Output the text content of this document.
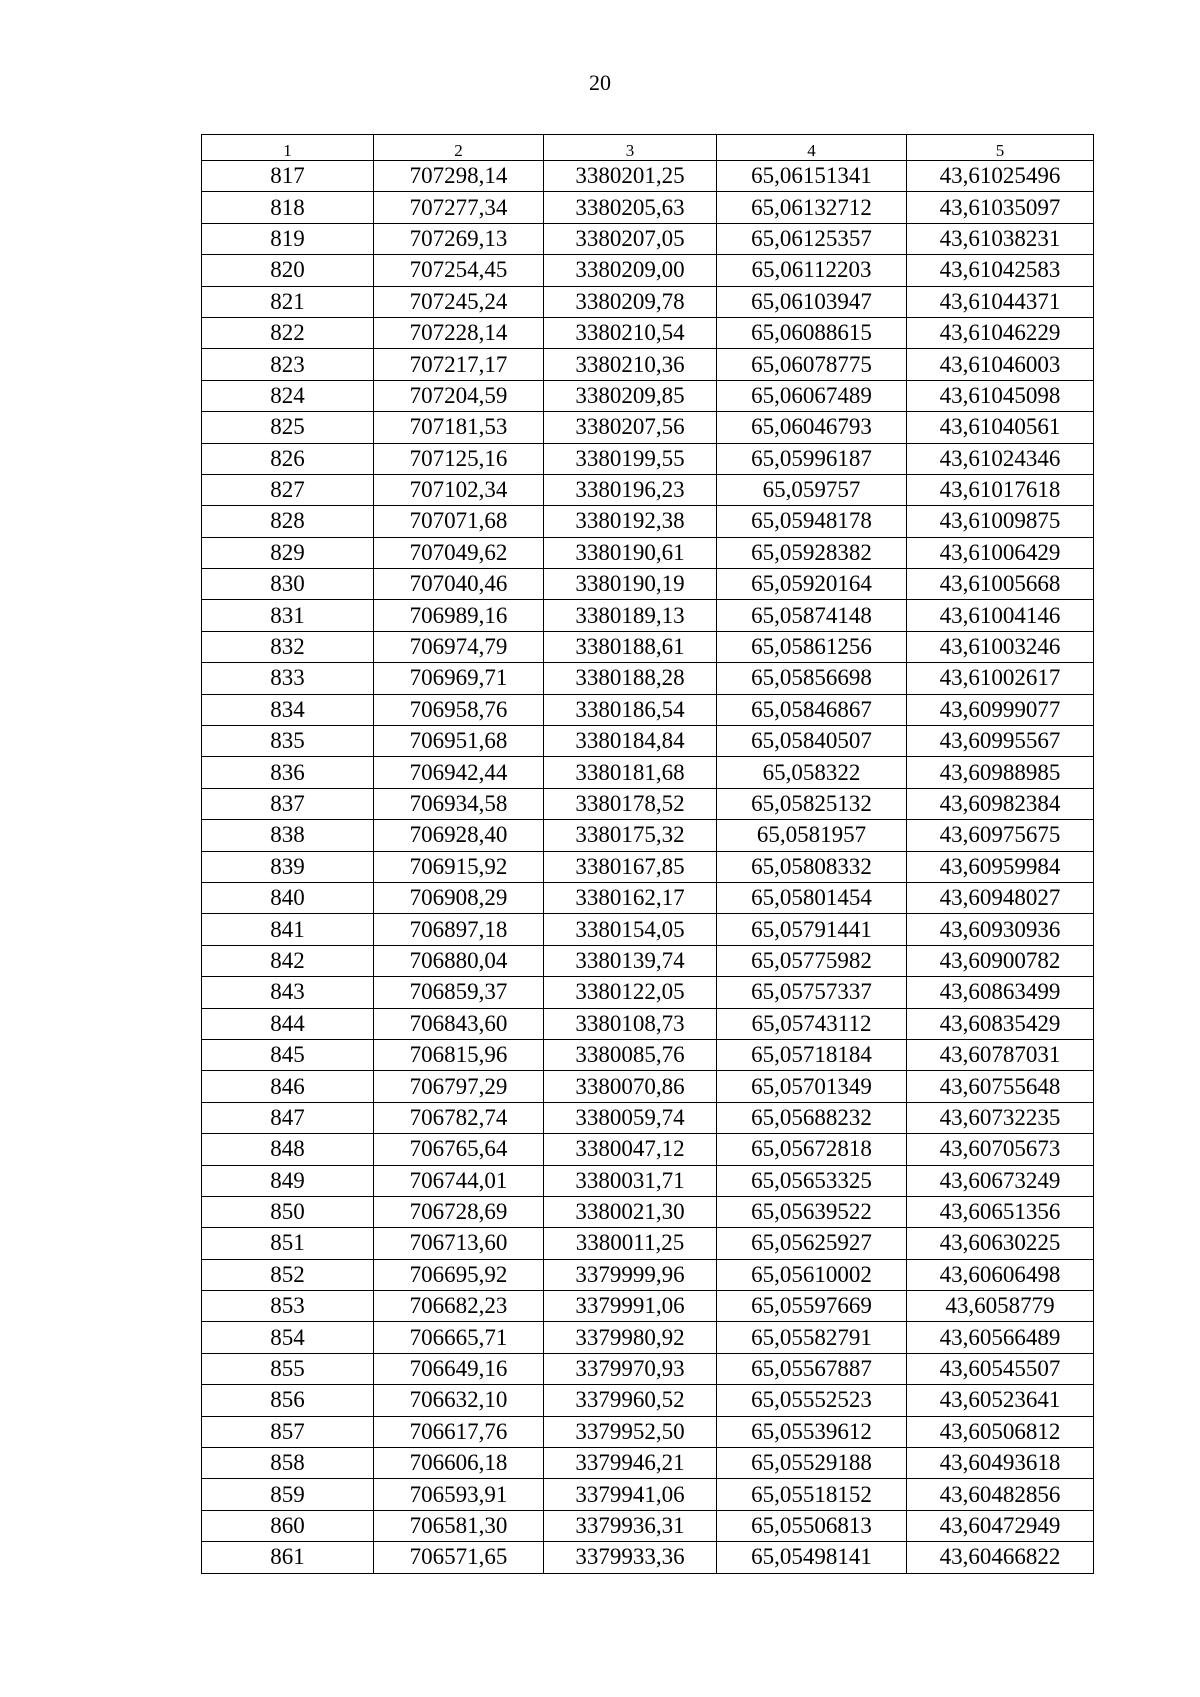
20
1	2	3	4	5
817	707298,14	3380201,25	65,06151341	43,61025496
818	707277,34	3380205,63	65,06132712	43,61035097
819	707269,13	3380207,05	65,06125357	43,61038231
820	707254,45	3380209,00	65,06112203	43,61042583
821	707245,24	3380209,78	65,06103947	43,61044371
822	707228,14	3380210,54	65,06088615	43,61046229
823	707217,17	3380210,36	65,06078775	43,61046003
824	707204,59	3380209,85	65,06067489	43,61045098
825	707181,53	3380207,56	65,06046793	43,61040561
826	707125,16	3380199,55	65,05996187	43,61024346
827	707102,34	3380196,23	65,059757	43,61017618
828	707071,68	3380192,38	65,05948178	43,61009875
829	707049,62	3380190,61	65,05928382	43,61006429
830	707040,46	3380190,19	65,05920164	43,61005668
831	706989,16	3380189,13	65,05874148	43,61004146
832	706974,79	3380188,61	65,05861256	43,61003246
833	706969,71	3380188,28	65,05856698	43,61002617
834	706958,76	3380186,54	65,05846867	43,60999077
835	706951,68	3380184,84	65,05840507	43,60995567
836	706942,44	3380181,68	65,058322	43,60988985
837	706934,58	3380178,52	65,05825132	43,60982384
838	706928,40	3380175,32	65,0581957	43,60975675
839	706915,92	3380167,85	65,05808332	43,60959984
840	706908,29	3380162,17	65,05801454	43,60948027
841	706897,18	3380154,05	65,05791441	43,60930936
842	706880,04	3380139,74	65,05775982	43,60900782
843	706859,37	3380122,05	65,05757337	43,60863499
844	706843,60	3380108,73	65,05743112	43,60835429
845	706815,96	3380085,76	65,05718184	43,60787031
846	706797,29	3380070,86	65,05701349	43,60755648
847	706782,74	3380059,74	65,05688232	43,60732235
848	706765,64	3380047,12	65,05672818	43,60705673
849	706744,01	3380031,71	65,05653325	43,60673249
850	706728,69	3380021,30	65,05639522	43,60651356
851	706713,60	3380011,25	65,05625927	43,60630225
852	706695,92	3379999,96	65,05610002	43,60606498
853	706682,23	3379991,06	65,05597669	43,6058779
854	706665,71	3379980,92	65,05582791	43,60566489
855	706649,16	3379970,93	65,05567887	43,60545507
856	706632,10	3379960,52	65,05552523	43,60523641
857	706617,76	3379952,50	65,05539612	43,60506812
858	706606,18	3379946,21	65,05529188	43,60493618
859	706593,91	3379941,06	65,05518152	43,60482856
860	706581,30	3379936,31	65,05506813	43,60472949
861	706571,65	3379933,36	65,05498141	43,60466822
